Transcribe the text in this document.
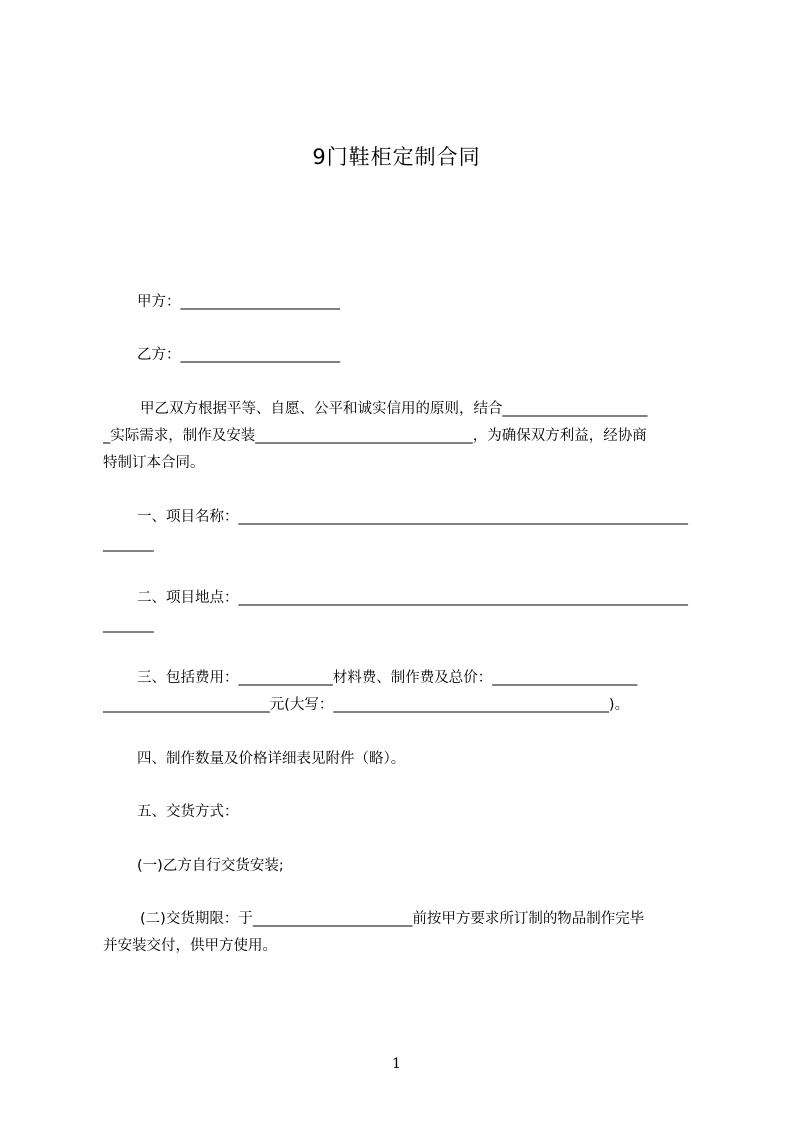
9门鞋柜定制合同
甲方：______________________
乙方：______________________
甲乙双方根据平等、自愿、公平和诚实信用的原则，结合____________________
_实际需求，制作及安装______________________________，为确保双方利益，经协商
特制订本合同。
一、项目名称：______________________________________________________________
_______
二、项目地点：______________________________________________________________
_______
三、包括费用：_____________材料费、制作费及总价：____________________
_______________________元(大写：______________________________________)。
四、制作数量及价格详细表见附件（略）。
五、交货方式：
(一)乙方自行交货安装;
(二)交货期限：于______________________前按甲方要求所订制的物品制作完毕
并安装交付，供甲方使用。
1
